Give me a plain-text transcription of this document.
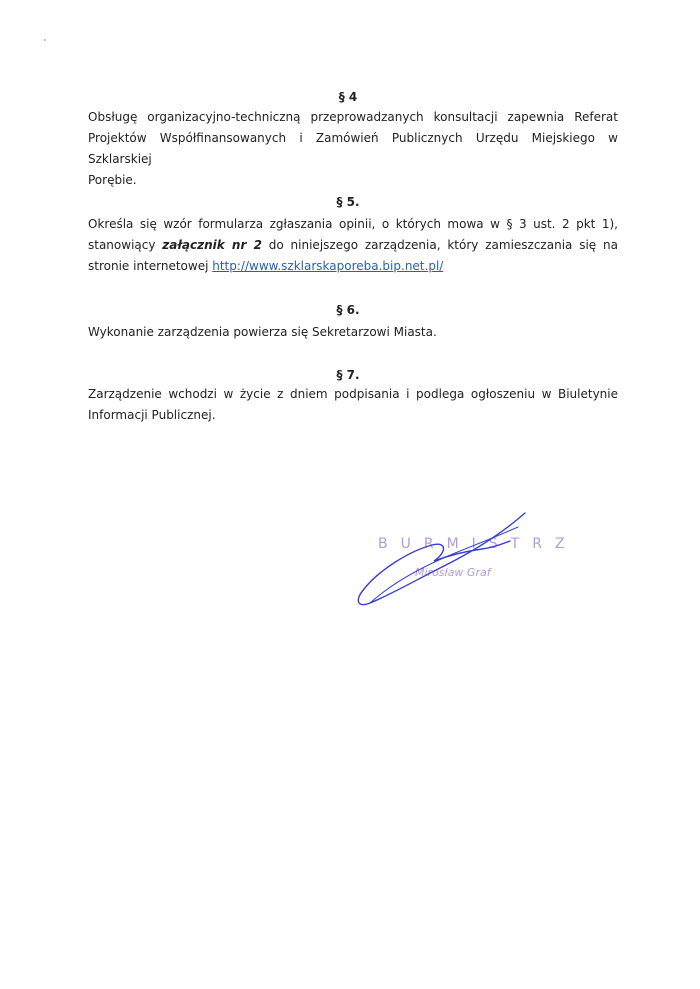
§ 4
Obsługę organizacyjno-techniczną przeprowadzanych konsultacji zapewnia Referat
Projektów Współfinansowanych i Zamówień Publicznych Urzędu Miejskiego w Szklarskiej
Porębie.
§ 5.
Określa się wzór formularza zgłaszania opinii, o których mowa w § 3 ust. 2 pkt 1),
stanowiący załącznik nr 2 do niniejszego zarządzenia, który zamieszczania się na
stronie internetowej http://www.szklarskaporeba.bip.net.pl/
§ 6.
Wykonanie zarządzenia powierza się Sekretarzowi Miasta.
§ 7.
Zarządzenie wchodzi w życie z dniem podpisania i podlega ogłoszeniu w Biuletynie
Informacji Publicznej.
BURMISTRZ
Mirosław Graf
